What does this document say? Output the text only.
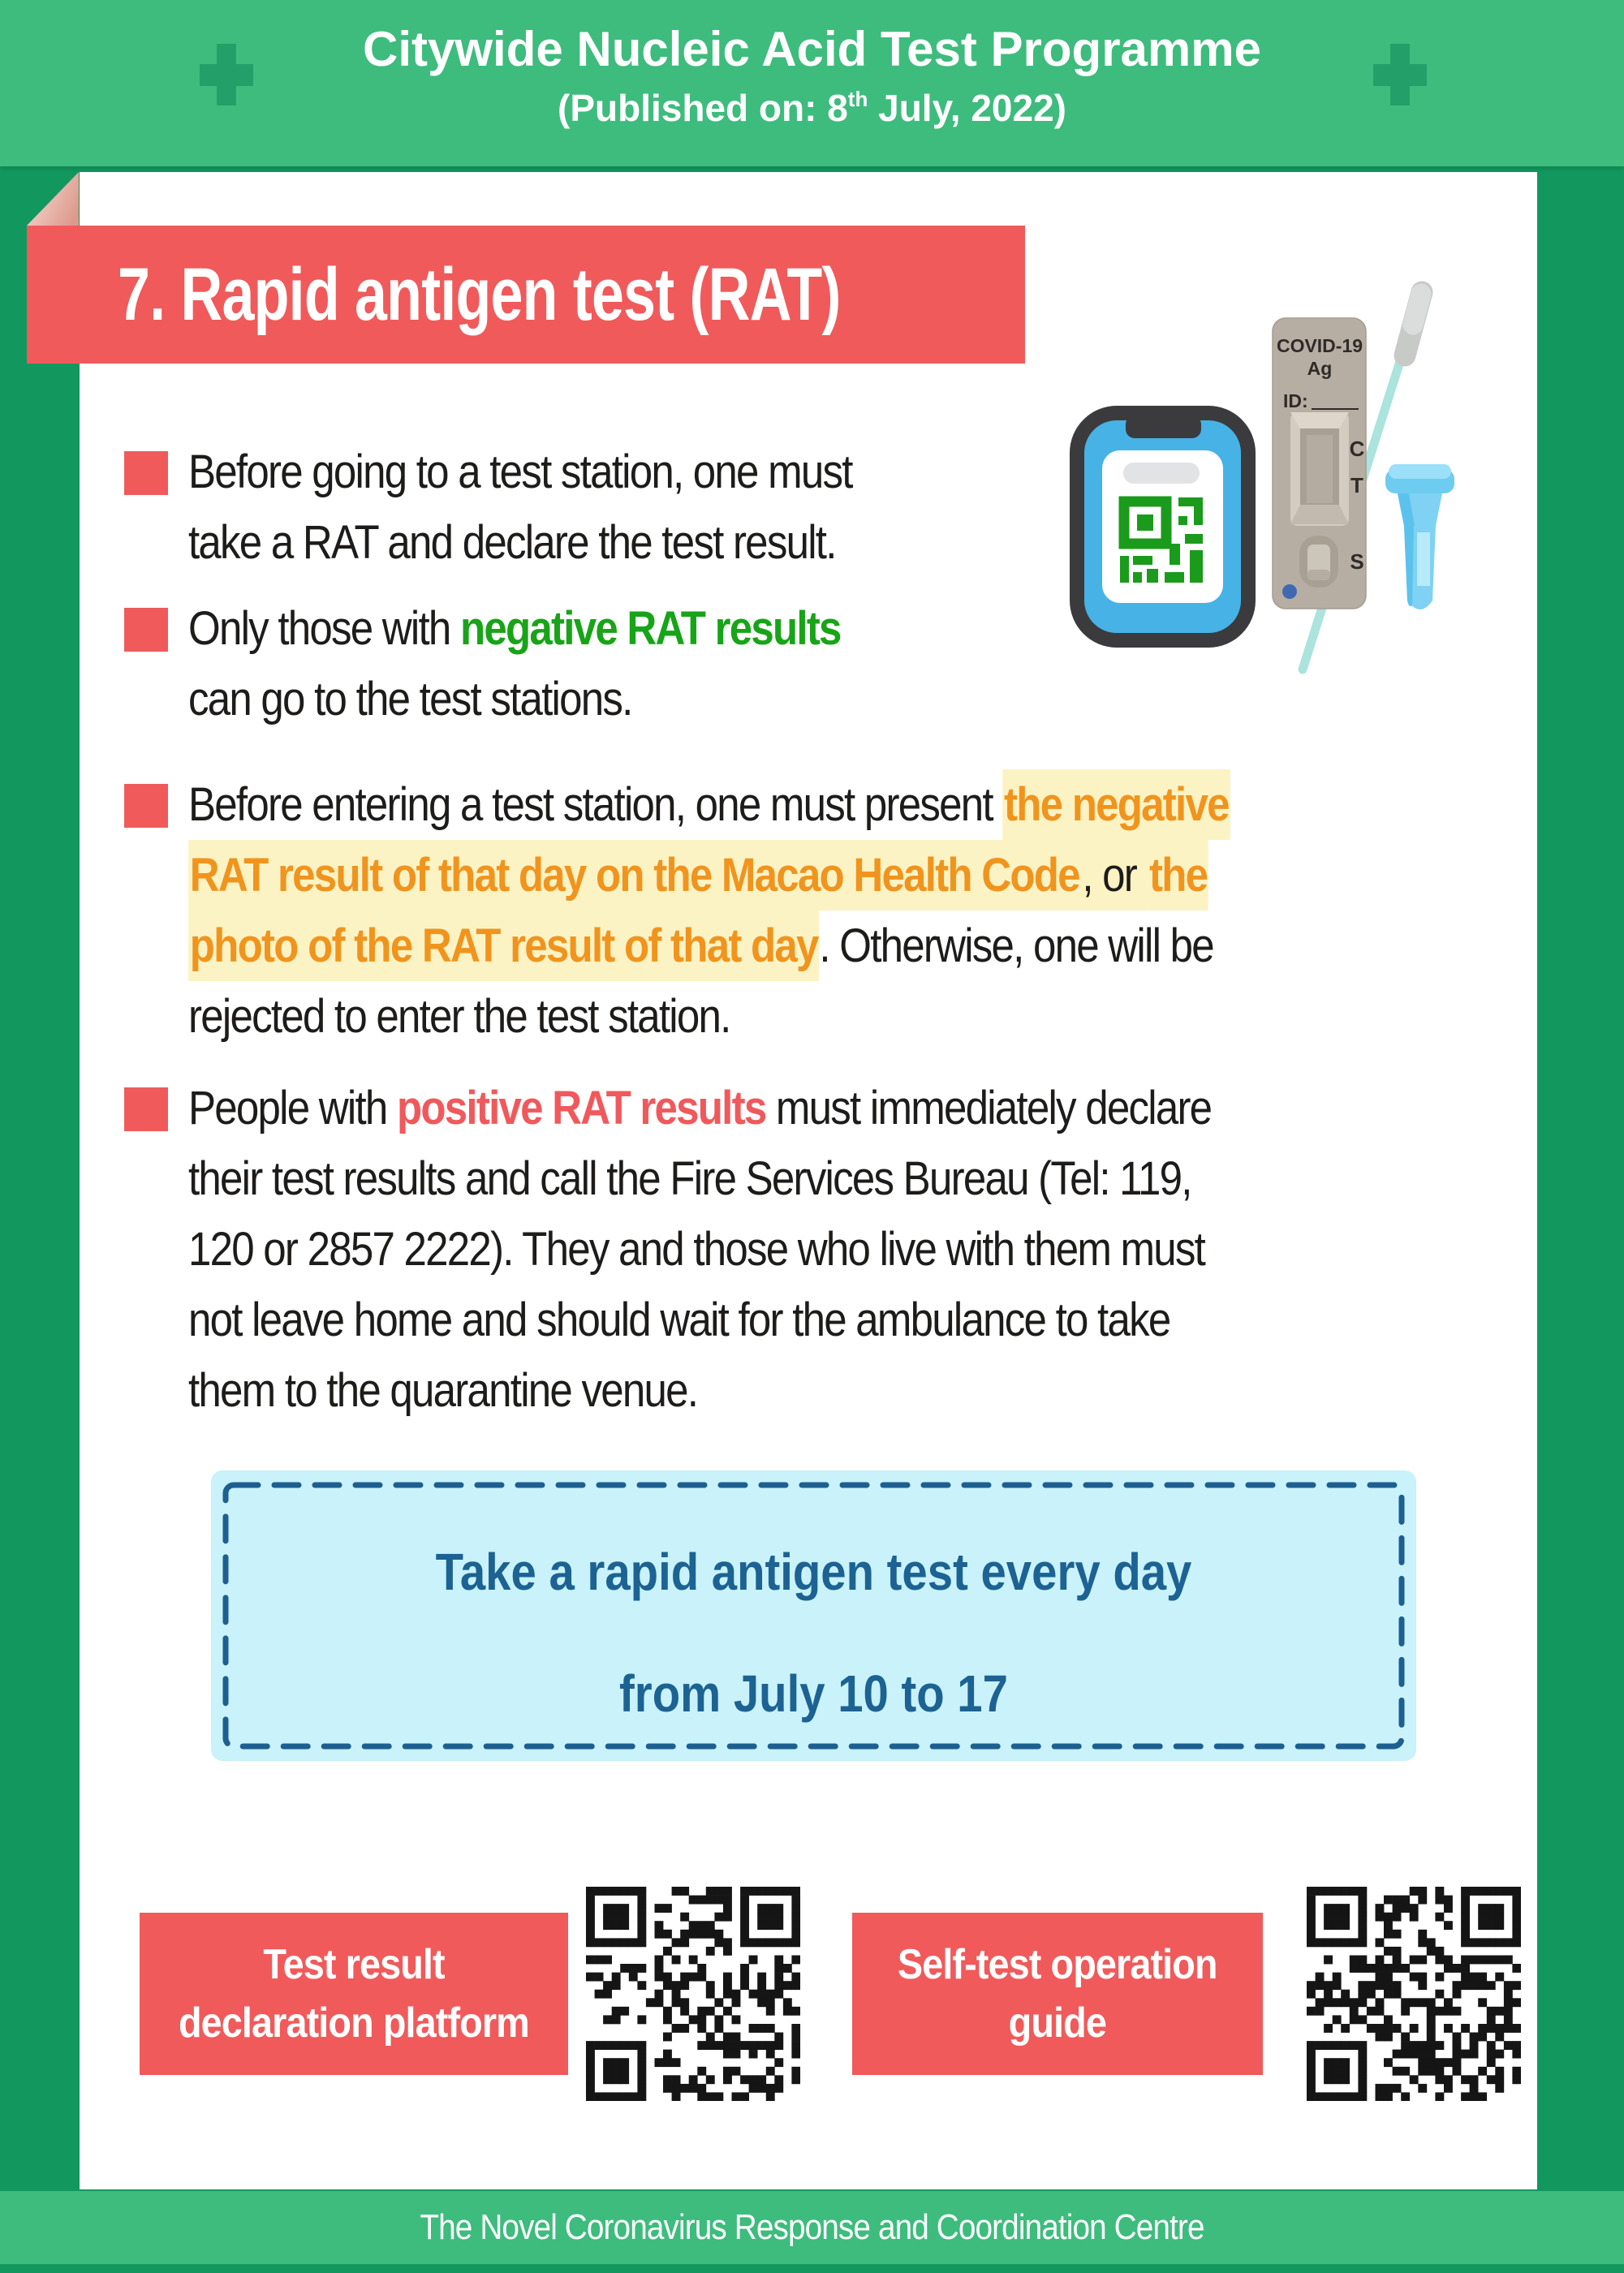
Citywide Nucleic Acid Test Programme
(Published on: 8th July, 2022)
7. Rapid antigen test (RAT)
Before going to a test station, one must
take a RAT and declare the test result.
Only those with negative RAT results
can go to the test stations.
Before entering a test station, one must present the negative
RAT result of that day on the Macao Health Code, or the
photo of the RAT result of that day. Otherwise, one will be
rejected to enter the test station.
People with positive RAT results must immediately declare
their test results and call the Fire Services Bureau (Tel: 119,
120 or 2857 2222). They and those who live with them must
not leave home and should wait for the ambulance to take
them to the quarantine venue.
COVID-19
Ag
ID:
C
T
S
Take a rapid antigen test every day
from July 10 to 17
Test result
declaration platform
Self-test operation
guide
The Novel Coronavirus Response and Coordination Centre
